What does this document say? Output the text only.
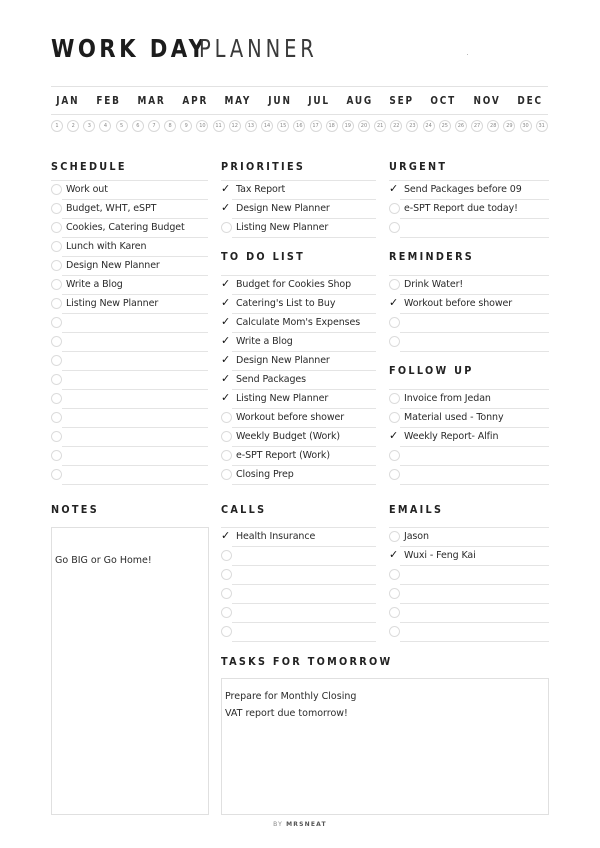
WORK DAY
PLANNER
JAN FEB MAR APR MAY JUN JUL AUG SEP OCT NOV DEC
1	2	3	4	5	6	7	8	9	10	11	12	13	14	15	16	17	18	19	20	21	22	23	24	25	26	27	28	29	30	31
SCHEDULE	PRIORITIES	URGENT
TO DO LIST	REMINDERS
FOLLOW UP
NOTES	CALLS	EMAILS
TASKS FOR TOMORROW
Work out
Budget, WHT, eSPT
Cookies, Catering Budget
Lunch with Karen
Design New Planner
Write a Blog
Listing New Planner
✓ Tax Report
✓ Design New Planner
Listing New Planner
✓ Send Packages before 09
e-SPT Report due today!
✓ Budget for Cookies Shop
✓ Catering's List to Buy
✓ Calculate Mom's Expenses
✓ Write a Blog
✓ Design New Planner
✓ Send Packages
✓ Listing New Planner
Workout before shower
Weekly Budget (Work)
e-SPT Report (Work)
Closing Prep
Drink Water!
✓ Workout before shower
Invoice from Jedan
Material used - Tonny
✓ Weekly Report- Alfin
✓ Health Insurance	Jason
✓ Wuxi - Feng Kai
Go BIG or Go Home!
Prepare for Monthly Closing
VAT report due tomorrow!
BY MRSNEAT
